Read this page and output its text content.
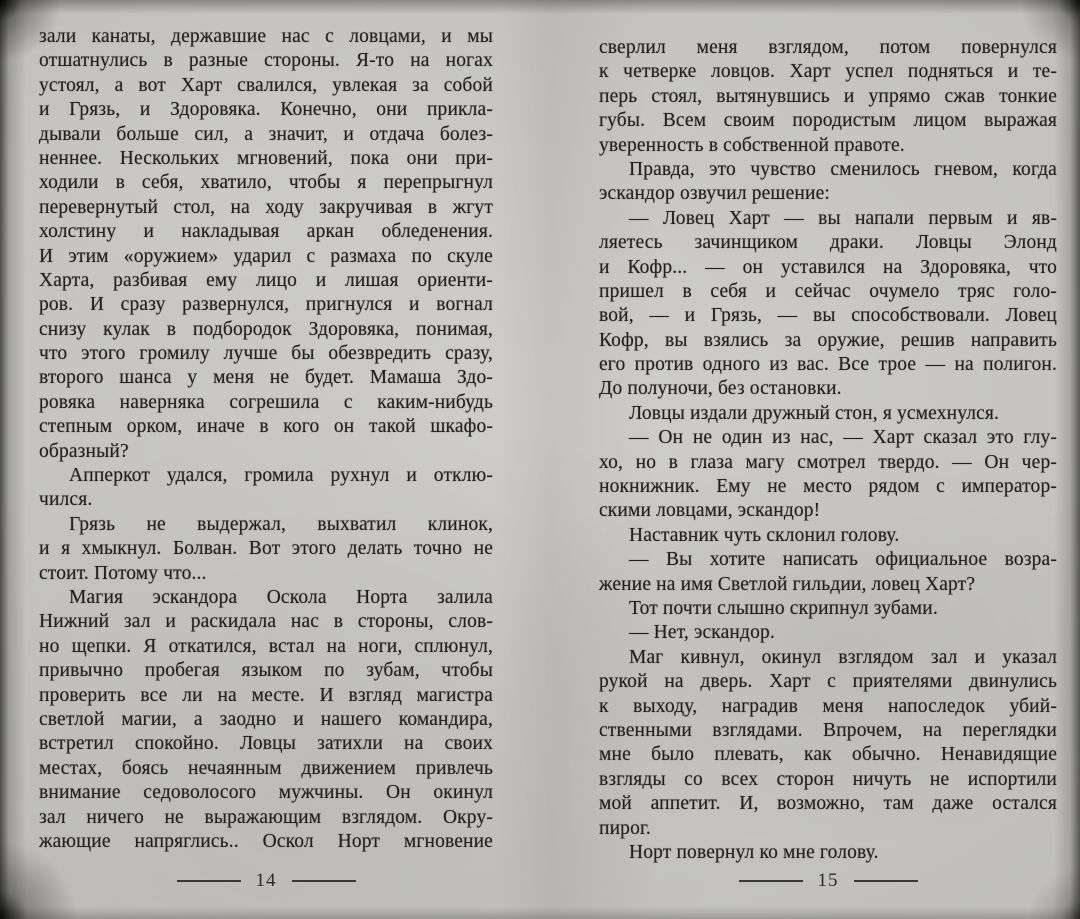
зали канаты, державшие нас с ловцами, и мы
отшатнулись в разные стороны. Я-то на ногах
устоял, а вот Харт свалился, увлекая за собой
и Грязь, и Здоровяка. Конечно, они прикла-
дывали больше сил, а значит, и отдача болез-
неннее. Нескольких мгновений, пока они при-
ходили в себя, хватило, чтобы я перепрыгнул
перевернутый стол, на ходу закручивая в жгут
холстину и накладывая аркан обледенения.
И этим «оружием» ударил с размаха по скуле
Харта, разбивая ему лицо и лишая ориенти-
ров. И сразу развернулся, пригнулся и вогнал
снизу кулак в подбородок Здоровяка, понимая,
что этого громилу лучше бы обезвредить сразу,
второго шанса у меня не будет. Мамаша Здо-
ровяка наверняка согрешила с каким-нибудь
степным орком, иначе в кого он такой шкафо-
образный?
Апперкот удался, громила рухнул и отклю-
чился.
Грязь не выдержал, выхватил клинок,
и я хмыкнул. Болван. Вот этого делать точно не
стоит. Потому что...
Магия эскандора Оскола Норта залила
Нижний зал и раскидала нас в стороны, слов-
но щепки. Я откатился, встал на ноги, сплюнул,
привычно пробегая языком по зубам, чтобы
проверить все ли на месте. И взгляд магистра
светлой магии, а заодно и нашего командира,
встретил спокойно. Ловцы затихли на своих
местах, боясь нечаянным движением привлечь
внимание седоволосого мужчины. Он окинул
зал ничего не выражающим взглядом. Окру-
жающие напряглись.. Оскол Норт мгновение
сверлил меня взглядом, потом повернулся
к четверке ловцов. Харт успел подняться и те-
перь стоял, вытянувшись и упрямо сжав тонкие
губы. Всем своим породистым лицом выражая
уверенность в собственной правоте.
Правда, это чувство сменилось гневом, когда
эскандор озвучил решение:
— Ловец Харт — вы напали первым и яв-
ляетесь зачинщиком драки. Ловцы Элонд
и Кофр... — он уставился на Здоровяка, что
пришел в себя и сейчас очумело тряс голо-
вой, — и Грязь, — вы способствовали. Ловец
Кофр, вы взялись за оружие, решив направить
его против одного из вас. Все трое — на полигон.
До полуночи, без остановки.
Ловцы издали дружный стон, я усмехнулся.
— Он не один из нас, — Харт сказал это глу-
хо, но в глаза магу смотрел твердо. — Он чер-
нокнижник. Ему не место рядом с император-
скими ловцами, эскандор!
Наставник чуть склонил голову.
— Вы хотите написать официальное возра-
жение на имя Светлой гильдии, ловец Харт?
Тот почти слышно скрипнул зубами.
— Нет, эскандор.
Маг кивнул, окинул взглядом зал и указал
рукой на дверь. Харт с приятелями двинулись
к выходу, наградив меня напоследок убий-
ственными взглядами. Впрочем, на переглядки
мне было плевать, как обычно. Ненавидящие
взгляды со всех сторон ничуть не испортили
мой аппетит. И, возможно, там даже остался
пирог.
Норт повернул ко мне голову.
14	15
